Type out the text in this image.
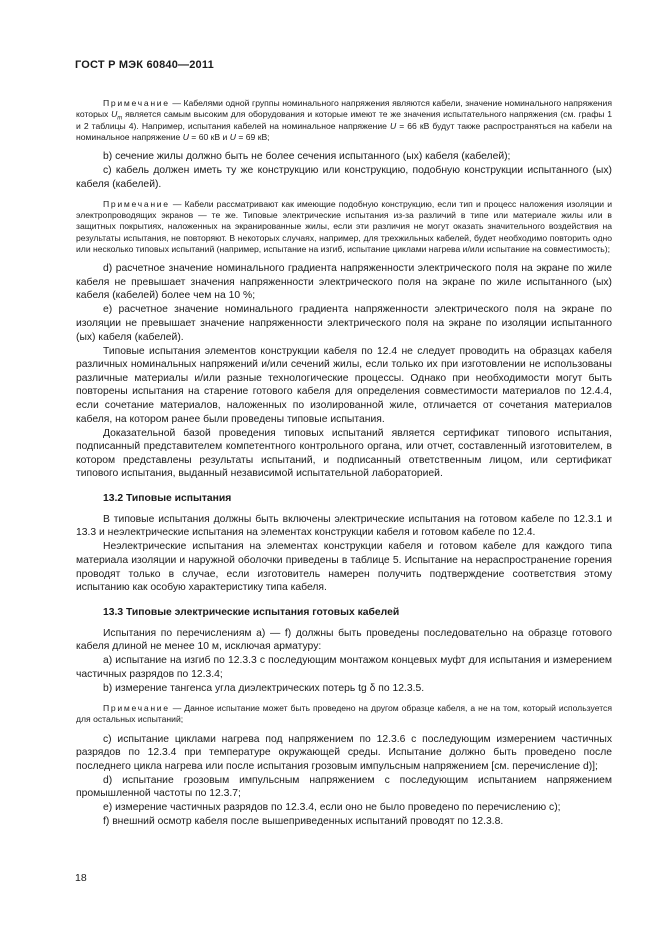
ГОСТ Р МЭК 60840—2011

Примечание — Кабелями одной группы номинального напряжения являются кабели, значение номинального напряжения которых $U_m$ является самым высоким для оборудования и которые имеют те же значения испытательного напряжения (см. графы 1 и 2 таблицы 4). Например, испытания кабелей на номинальное напряжение U = 66 кВ будут также распространяться на кабели на номинальное напряжение U = 60 кВ и U = 69 кВ;

b) сечение жилы должно быть не более сечения испытанного (ых) кабеля (кабелей);

c) кабель должен иметь ту же конструкцию или конструкцию, подобную конструкции испытанного (ых) кабеля (кабелей).

Примечание — Кабели рассматривают как имеющие подобную конструкцию, если тип и процесс наложения изоляции и электропроводящих экранов — те же. Типовые электрические испытания из-за различий в типе или материале жилы или в защитных покрытиях, наложенных на экранированные жилы, если эти различия не могут оказать значительного воздействия на результаты испытания, не повторяют. В некоторых случаях, например, для трехжильных кабелей, будет необходимо повторить одно или несколько типовых испытаний (например, испытание на изгиб, испытание циклами нагрева и/или испытание на совместимость);

d) расчетное значение номинального градиента напряженности электрического поля на экране по жиле кабеля не превышает значения напряженности электрического поля на экране по жиле испытанного (ых) кабеля (кабелей) более чем на 10 %;

e) расчетное значение номинального градиента напряженности электрического поля на экране по изоляции не превышает значение напряженности электрического поля на экране по изоляции испытанного (ых) кабеля (кабелей).

Типовые испытания элементов конструкции кабеля по 12.4 не следует проводить на образцах кабеля различных номинальных напряжений и/или сечений жилы, если только их при изготовлении не использованы различные материалы и/или разные технологические процессы. Однако при необходимости могут быть повторены испытания на старение готового кабеля для определения совместимости материалов по 12.4.4, если сочетание материалов, наложенных по изолированной жиле, отличается от сочетания материалов кабеля, на котором ранее были проведены типовые испытания.

Доказательной базой проведения типовых испытаний является сертификат типового испытания, подписанный представителем компетентного контрольного органа, или отчет, составленный изготовителем, в котором представлены результаты испытаний, и подписанный ответственным лицом, или сертификат типового испытания, выданный независимой испытательной лабораторией.

13.2 Типовые испытания

В типовые испытания должны быть включены электрические испытания на готовом кабеле по 12.3.1 и 13.3 и неэлектрические испытания на элементах конструкции кабеля и готовом кабеле по 12.4.

Неэлектрические испытания на элементах конструкции кабеля и готовом кабеле для каждого типа материала изоляции и наружной оболочки приведены в таблице 5. Испытание на нераспространение горения проводят только в случае, если изготовитель намерен получить подтверждение соответствия этому испытанию как особую характеристику типа кабеля.

13.3 Типовые электрические испытания готовых кабелей

Испытания по перечислениям а) — f) должны быть проведены последовательно на образце готового кабеля длиной не менее 10 м, исключая арматуру:

а) испытание на изгиб по 12.3.3 с последующим монтажом концевых муфт для испытания и измерением частичных разрядов по 12.3.4;

b) измерение тангенса угла диэлектрических потерь tg δ по 12.3.5.

Примечание — Данное испытание может быть проведено на другом образце кабеля, а не на том, который используется для остальных испытаний;

c) испытание циклами нагрева под напряжением по 12.3.6 с последующим измерением частичных разрядов по 12.3.4 при температуре окружающей среды. Испытание должно быть проведено после последнего цикла нагрева или после испытания грозовым импульсным напряжением [см. перечисление d)];

d) испытание грозовым импульсным напряжением с последующим испытанием напряжением промышленной частоты по 12.3.7;

е) измерение частичных разрядов по 12.3.4, если оно не было проведено по перечислению c);

f) внешний осмотр кабеля после вышеприведенных испытаний проводят по 12.3.8.

18
